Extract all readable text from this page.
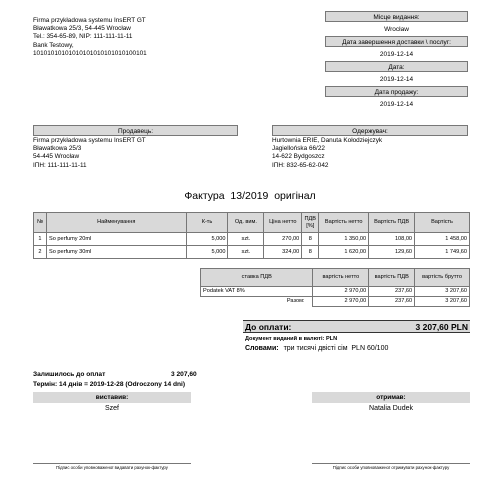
Firma przykładowa systemu InsERT GT
Bławatkowa 25/3, 54-445 Wrocław
Tel.: 354-65-89, NIP: 111-111-11-11
Bank Testowy,
10101010101010101010101010100101
Місце видання:
Wrocław
Дата завершення доставки \ послуг:
2019-12-14
Дата:
2019-12-14
Дата продажу:
2019-12-14
Продавець:
Firma przykładowa systemu InsERT GT
Bławatkowa 25/3
54-445 Wrocław
ІПН: 111-111-11-11
Одержувач:
Hurtownia ERIE, Danuta Kołodziejczyk
Jagiellońska 66/22
14-622 Bydgoszcz
ІПН: 832-65-62-042
Фактура  13/2019  оригінал
№	Найменування	К-ть	Од. вим.	Ціна нетто	ПДВ [%]	Вартість нетто	Вартість ПДВ	Вартість
1	So perfumy 20ml	5,000	szt.	270,00	8	1 350,00	108,00	1 458,00
2	So perfumy 30ml	5,000	szt.	324,00	8	1 620,00	129,60	1 749,60
ставка ПДВ	вартість нетто	вартість ПДВ	вартість брутто
Podatek VAT 8%	2 970,00	237,60	3 207,60
Разом:	2 970,00	237,60	3 207,60
До оплати:	3 207,60 PLN
Документ виданий в валюті: PLN
Словами: три тисячі двісті сім  PLN 60/100
Залишилось до оплат	3 207,60
Термін: 14 днів = 2019-12-28 (Odroczony 14 dni)
виставив:
Szef
Підпис особи уповноваженої видавати рахунок-фактуру
отримав:
Natalia Dudek
Підпис особи уповноваженої отримувати рахунок-фактуру
